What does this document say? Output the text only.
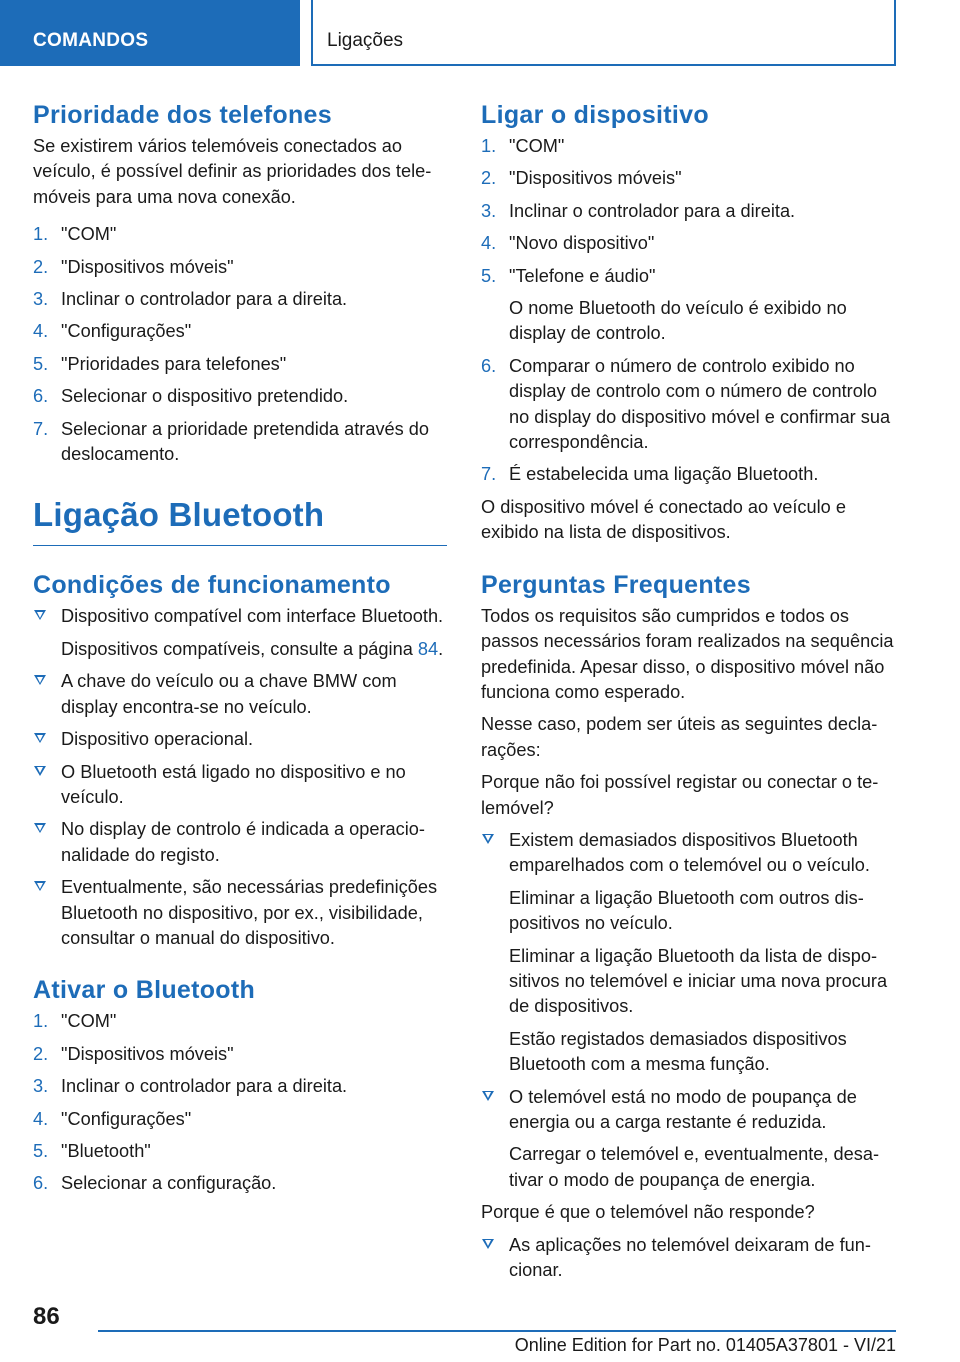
COMANDOS	Ligações
Prioridade dos telefones

Se existirem vários telemóveis conectados ao veículo, é possível definir as prioridades dos telemóveis para uma nova conexão.

1. "COM"
2. "Dispositivos móveis"
3. Inclinar o controlador para a direita.
4. "Configurações"
5. "Prioridades para telefones"
6. Selecionar o dispositivo pretendido.
7. Selecionar a prioridade pretendida através do deslocamento.
Ligação Bluetooth
Condições de funcionamento
Dispositivo compatível com interface Bluetooth.
Dispositivos compatíveis, consulte a página 84.
A chave do veículo ou a chave BMW com display encontra-se no veículo.
Dispositivo operacional.
O Bluetooth está ligado no dispositivo e no veículo.
No display de controlo é indicada a operacionalidade do registo.
Eventualmente, são necessárias predefinições Bluetooth no dispositivo, por ex., visibilidade, consultar o manual do dispositivo.
Ativar o Bluetooth
1. "COM"
2. "Dispositivos móveis"
3. Inclinar o controlador para a direita.
4. "Configurações"
5. "Bluetooth"
6. Selecionar a configuração.
Ligar o dispositivo
1. "COM"
2. "Dispositivos móveis"
3. Inclinar o controlador para a direita.
4. "Novo dispositivo"
5. "Telefone e áudio"
O nome Bluetooth do veículo é exibido no display de controlo.
6. Comparar o número de controlo exibido no display de controlo com o número de controlo no display do dispositivo móvel e confirmar sua correspondência.
7. É estabelecida uma ligação Bluetooth.

O dispositivo móvel é conectado ao veículo e exibido na lista de dispositivos.

Perguntas Frequentes

Todos os requisitos são cumpridos e todos os passos necessários foram realizados na sequência predefinida. Apesar disso, o dispositivo móvel não funciona como esperado.

Nesse caso, podem ser úteis as seguintes declarações:

Porque não foi possível registar ou conectar o telemóvel?

Existem demasiados dispositivos Bluetooth emparelhados com o telemóvel ou o veículo.
Eliminar a ligação Bluetooth com outros dispositivos no veículo.
Eliminar a ligação Bluetooth da lista de dispositivos no telemóvel e iniciar uma nova procura de dispositivos.
Estão registados demasiados dispositivos Bluetooth com a mesma função.
O telemóvel está no modo de poupança de energia ou a carga restante é reduzida.
Carregar o telemóvel e, eventualmente, desativar o modo de poupança de energia.

Porque é que o telemóvel não responde?

As aplicações no telemóvel deixaram de funcionar.
86
Online Edition for Part no. 01405A37801 - VI/21
